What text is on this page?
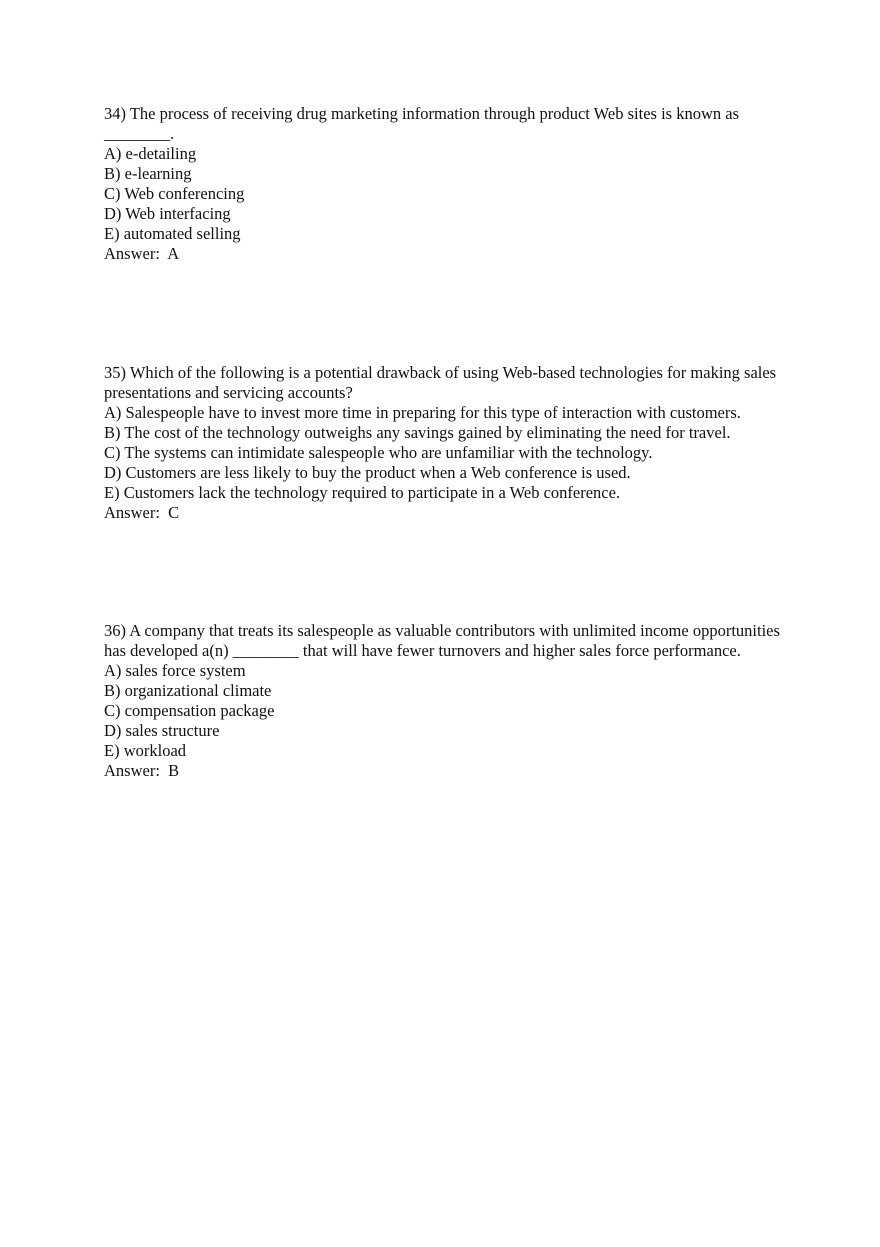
34) The process of receiving drug marketing information through product Web sites is known as ________.
A) e-detailing
B) e-learning
C) Web conferencing
D) Web interfacing
E) automated selling
Answer:  A
35) Which of the following is a potential drawback of using Web-based technologies for making sales presentations and servicing accounts?
A) Salespeople have to invest more time in preparing for this type of interaction with customers.
B) The cost of the technology outweighs any savings gained by eliminating the need for travel.
C) The systems can intimidate salespeople who are unfamiliar with the technology.
D) Customers are less likely to buy the product when a Web conference is used.
E) Customers lack the technology required to participate in a Web conference.
Answer:  C
36) A company that treats its salespeople as valuable contributors with unlimited income opportunities has developed a(n) ________ that will have fewer turnovers and higher sales force performance.
A) sales force system
B) organizational climate
C) compensation package
D) sales structure
E) workload
Answer:  B
